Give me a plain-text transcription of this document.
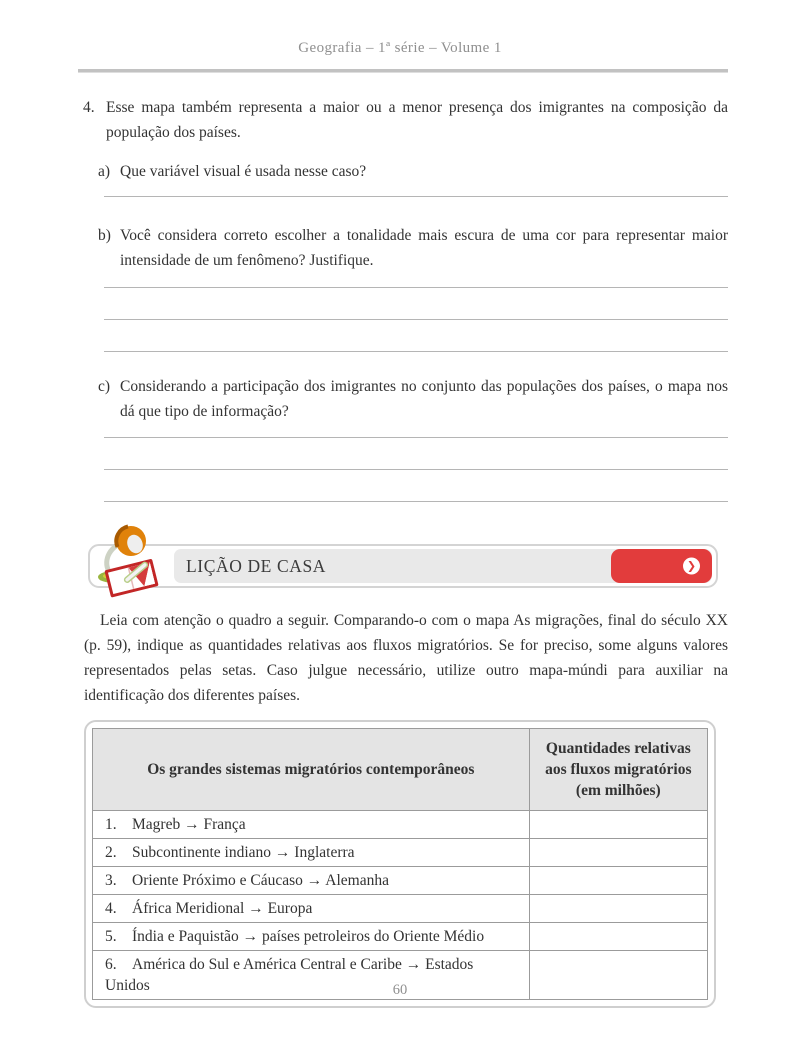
Geografia – 1ª série – Volume 1
4. Esse mapa também representa a maior ou a menor presença dos imigrantes na composição da população dos países.
a) Que variável visual é usada nesse caso?
b) Você considera correto escolher a tonalidade mais escura de uma cor para representar maior intensidade de um fenômeno? Justifique.
c) Considerando a participação dos imigrantes no conjunto das populações dos países, o mapa nos dá que tipo de informação?
LIÇÃO DE CASA	❯
Leia com atenção o quadro a seguir. Comparando-o com o mapa As migrações, final do século XX (p. 59), indique as quantidades relativas aos fluxos migratórios. Se for preciso, some alguns valores representados pelas setas. Caso julgue necessário, utilize outro mapa-múndi para auxiliar na identificação dos diferentes países.
Os grandes sistemas migratórios contemporâneos	Quantidades relativas aos fluxos migratórios (em milhões)
1. Magreb → França	
2. Subcontinente indiano → Inglaterra	
3. Oriente Próximo e Cáucaso → Alemanha	
4. África Meridional → Europa	
5. Índia e Paquistão → países petroleiros do Oriente Médio	
6. América do Sul e América Central e Caribe → Estados Unidos		60
